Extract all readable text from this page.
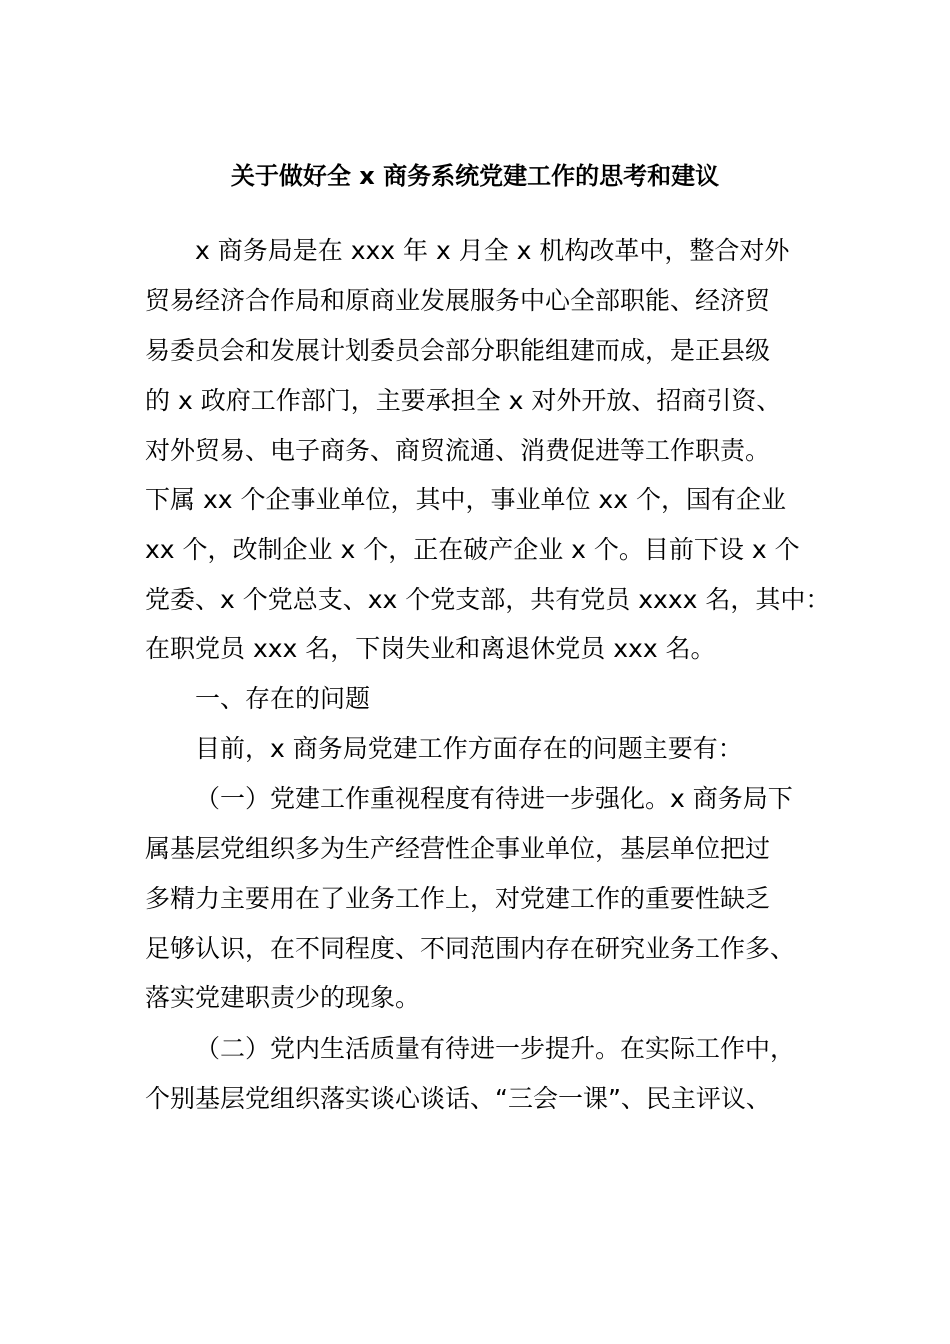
关于做好全 x 商务系统党建工作的思考和建议
x 商务局是在 xxx 年 x 月全 x 机构改革中，整合对外
贸易经济合作局和原商业发展服务中心全部职能、经济贸
易委员会和发展计划委员会部分职能组建而成，是正县级
的 x 政府工作部门，主要承担全 x 对外开放、招商引资、
对外贸易、电子商务、商贸流通、消费促进等工作职责。
下属 xx 个企事业单位，其中，事业单位 xx 个，国有企业
xx 个，改制企业 x 个，正在破产企业 x 个。目前下设 x 个
党委、x 个党总支、xx 个党支部，共有党员 xxxx 名，其中：
在职党员 xxx 名，下岗失业和离退休党员 xxx 名。
一、存在的问题
目前，x 商务局党建工作方面存在的问题主要有：
（一）党建工作重视程度有待进一步强化。x 商务局下
属基层党组织多为生产经营性企事业单位，基层单位把过
多精力主要用在了业务工作上，对党建工作的重要性缺乏
足够认识，在不同程度、不同范围内存在研究业务工作多、
落实党建职责少的现象。
（二）党内生活质量有待进一步提升。在实际工作中，
个别基层党组织落实谈心谈话、“三会一课”、民主评议、
